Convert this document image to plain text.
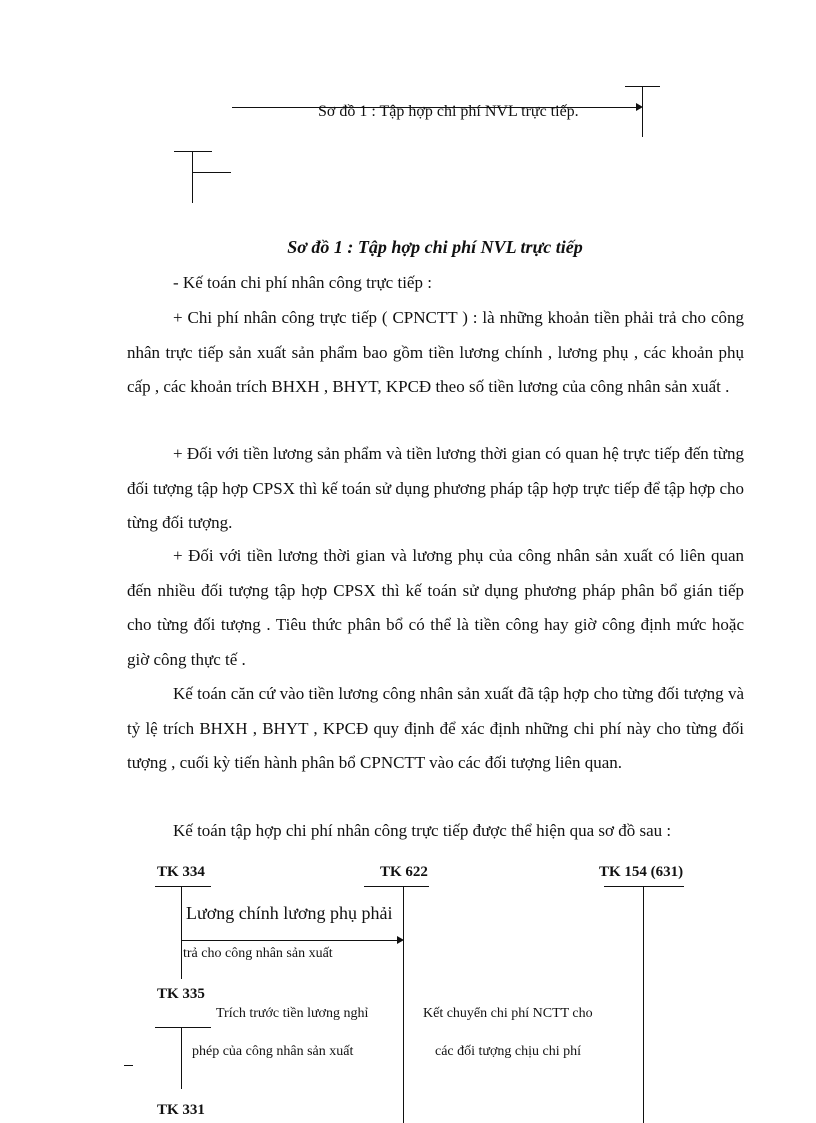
Sơ đồ 1 : Tập hợp chi phí NVL trực tiếp.
Sơ đồ 1 : Tập hợp chi phí NVL trực tiếp
- Kế toán chi phí nhân công trực tiếp :
+ Chi phí nhân công trực tiếp ( CPNCTT ) : là những khoản tiền phải trả cho công nhân trực tiếp sản xuất sản phẩm bao gồm tiền lương chính , lương phụ , các khoản phụ cấp , các khoản trích BHXH , BHYT, KPCĐ theo số tiền lương của công nhân sản xuất .
+ Đối với tiền lương sản phẩm và tiền lương thời gian có quan hệ trực tiếp đến từng đối tượng tập hợp CPSX thì kế toán sử dụng phương pháp tập hợp trực tiếp để tập hợp cho từng đối tượng.
+ Đối với tiền lương thời gian và lương phụ của công nhân sản xuất có liên quan đến nhiều đối tượng tập hợp CPSX thì kế toán sử dụng phương pháp phân bổ gián tiếp cho từng đối tượng . Tiêu thức phân bổ có thể là tiền công hay giờ công định mức hoặc giờ công thực tế .
Kế toán căn cứ vào tiền lương công nhân sản xuất đã tập hợp cho từng đối tượng và tỷ lệ trích BHXH , BHYT , KPCĐ quy định để xác định những chi phí này cho từng đối tượng , cuối kỳ tiến hành phân bổ CPNCTT vào các đối tượng liên quan.
Kế toán tập hợp chi phí nhân công trực tiếp được thể hiện qua sơ đồ sau :
TK 334	TK 622	TK 154 (631)
Lương chính lương phụ phải
trả cho công nhân sản xuất
TK 335
Trích trước tiền lương nghỉ
phép của công nhân sản xuất
Kết chuyển chi phí NCTT cho
các đối tượng chịu chi phí
TK 331
